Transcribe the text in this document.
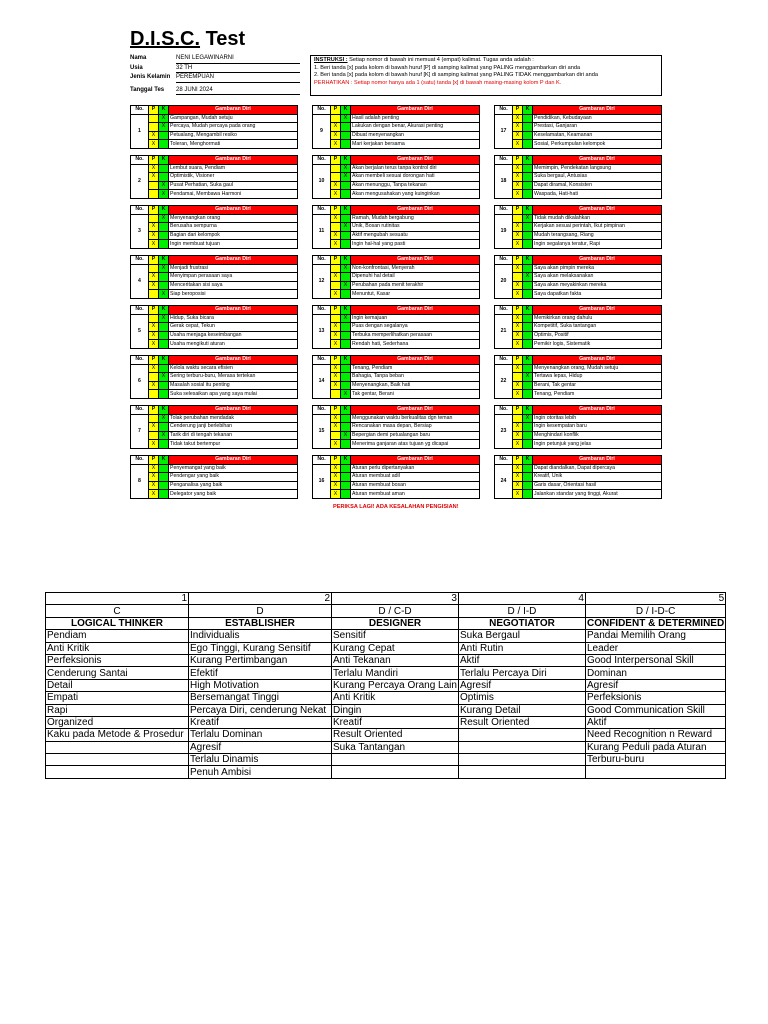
D.I.S.C. Test
Nama	NENI LEGAWINARNI
Usia	32 TH
Jenis Kelamin PEREMPUAN
Tanggal Tes	28 JUNI 2024
INSTRUKSI : Setiap nomor di bawah ini memuat 4 (empat) kalimat. Tugas anda adalah :
1. Beri tanda [x] pada kolom di bawah huruf [P] di samping kalimat yang PALING menggambarkan diri anda
2. Beri tanda [x] pada kolom di bawah huruf [K] di samping kalimat yang PALING TIDAK menggambarkan diri anda
PERHATIKAN : Setiap nomor hanya ada 1 (satu) tanda [x] di bawah masing-masing kolom P dan K.
No.	P	K	Gambaran Diri
1		X	Gampangan, Mudah setuju
		X	Percaya, Mudah percaya pada orang
	X		Petualang, Mengambil resiko
	X		Toleran, Menghormati
No.	P	K	Gambaran Diri
2	X		Lembut suara, Pendiam
	X		Optimistik, Visioner
		X	Pusat Perhatian, Suka gaul
		X	Pendamai, Membawa Harmoni
No.	P	K	Gambaran Diri
3		X	Menyenangkan orang
	X		Berusaha sempurna
	X		Bagian dari kelompok
	X		Ingin membuat tujuan
No.	P	K	Gambaran Diri
4		X	Menjadi frustrasi
	X		Menyimpan perasaan saya
	X		Menceritakan sisi saya
		X	Siap beroposisi
No.	P	K	Gambaran Diri
5		X	Hidup, Suka bicara
	X		Gerak cepat, Tekun
	X		Usaha menjaga keseimbangan
	X		Usaha mengikuti aturan
No.	P	K	Gambaran Diri
6	X		Kelola waktu secara efisien
		X	Sering terburu-buru, Merasa tertekan
	X		Masalah sosial itu penting
			Suka selesaikan apa yang saya mulai
No.	P	K	Gambaran Diri
7		X	Tolak perubahan mendadak
	X		Cenderung janji berlebihan
		X	Tarik diri di tengah tekanan
	X		Tidak takut bertempur
No.	P	K	Gambaran Diri
8	X		Penyemangat yang baik
	X		Pendengar yang baik
	X		Penganalisa yang baik
	X		Delegator yang baik
No.	P	K	Gambaran Diri
9		X	Hasil adalah penting
	X		Lakukan dengan benar, Akurasi penting
	X		Dibuat menyenangkan
	X		Mari kerjakan bersama
No.	P	K	Gambaran Diri
10		X	Akan berjalan terus tanpa kontrol diri
		X	Akan membeli sesuai dorongan hati
	X		Akan menunggu, Tanpa tekanan
	X		Akan mengusahakan yang kuinginkan
No.	P	K	Gambaran Diri
11	X		Ramah, Mudah bergabung
		X	Unik, Bosan rutinitas
	X		Aktif mengubah sesuatu
	X		Ingin hal-hal yang pasti
No.	P	K	Gambaran Diri
12		X	Non-konfrontasi, Menyerah
	X		Dipenuhi hal detail
		X	Perubahan pada menit terakhir
	X		Menuntut, Kasar
No.	P	K	Gambaran Diri
13		X	Ingin kemajuan
	X		Puas dengan segalanya
	X		Terbuka memperlihatkan perasaan
	X		Rendah hati, Sederhana
No.	P	K	Gambaran Diri
14	X		Tenang, Pendiam
	X		Bahagia, Tanpa beban
	X		Menyenangkan, Baik hati
		X	Tak gentar, Berani
No.	P	K	Gambaran Diri
15	X		Menggunakan waktu berkualitas dgn teman
	X		Rencanakan masa depan, Bersiap
		X	Bepergian demi petualangan baru
	X		Menerima ganjaran atas tujuan yg dicapai
No.	P	K	Gambaran Diri
16	X		Aturan perlu dipertanyakan
	X		Aturan membuat adil
	X		Aturan membuat bosan
	X		Aturan membuat aman
No.	P	K	Gambaran Diri
17	X		Pendidikan, Kebudayaan
	X		Prestasi, Ganjaran
	X		Keselamatan, Keamanan
	X		Sosial, Perkumpulan kelompok
No.	P	K	Gambaran Diri
18	X		Memimpin, Pendekatan langsung
	X		Suka bergaul, Antusias
	X		Dapat diramal, Konsisten
	X		Waspada, Hati-hati
No.	P	K	Gambaran Diri
19		X	Tidak mudah dikalahkan
	X		Kerjakan sesuai perintah, Ikut pimpinan
	X		Mudah terangsang, Riang
	X		Ingin segalanya teratur, Rapi
No.	P	K	Gambaran Diri
20	X		Saya akan pimpin mereka
		X	Saya akan melaksanakan
	X		Saya akan meyakinkan mereka
	X		Saya dapatkan fakta
No.	P	K	Gambaran Diri
21	X		Memikirkan orang dahulu
	X		Kompetitif, Suka tantangan
	X		Optimis, Positif
	X		Pemikir logis, Sistematik
No.	P	K	Gambaran Diri
22	X		Menyenangkan orang, Mudah setuju
		X	Tertawa lepas, Hidup
	X		Berani, Tak gentar
	X		Tenang, Pendiam
No.	P	K	Gambaran Diri
23		X	Ingin otoritas lebih
	X		Ingin kesempatan baru
	X		Menghindari konflik
	X		Ingin petunjuk yang jelas
No.	P	K	Gambaran Diri
24	X		Dapat diandalkan, Dapat dipercaya
	X		Kreatif, Unik
	X		Garis dasar, Orientasi hasil
	X		Jalankan standar yang tinggi, Akurat
PERIKSA LAGI! ADA KESALAHAN PENGISIAN!
1	2	3	4	5
C	D	D / C-D	D / I-D	D / I-D-C
LOGICAL THINKER	ESTABLISHER	DESIGNER	NEGOTIATOR	CONFIDENT & DETERMINED
Pendiam	Individualis	Sensitif	Suka Bergaul	Pandai Memilih Orang
Anti Kritik	Ego Tinggi, Kurang Sensitif	Kurang Cepat	Anti Rutin	Leader
Perfeksionis	Kurang Pertimbangan	Anti Tekanan	Aktif	Good Interpersonal Skill
Cenderung Santai	Efektif	Terlalu Mandiri	Terlalu Percaya Diri	Dominan
Detail	High Motivation	Kurang Percaya Orang Lain	Agresif	Agresif
Empati	Bersemangat Tinggi	Anti Kritik	Optimis	Perfeksionis
Rapi	Percaya Diri, cenderung Nekat	Dingin	Kurang Detail	Good Communication Skill
Organized	Kreatif	Kreatif	Result Oriented	Aktif
Kaku pada Metode & Prosedur	Terlalu Dominan	Result Oriented		Need Recognition n Reward
	Agresif	Suka Tantangan		Kurang Peduli pada Aturan
	Terlalu Dinamis			Terburu-buru
	Penuh Ambisi			
